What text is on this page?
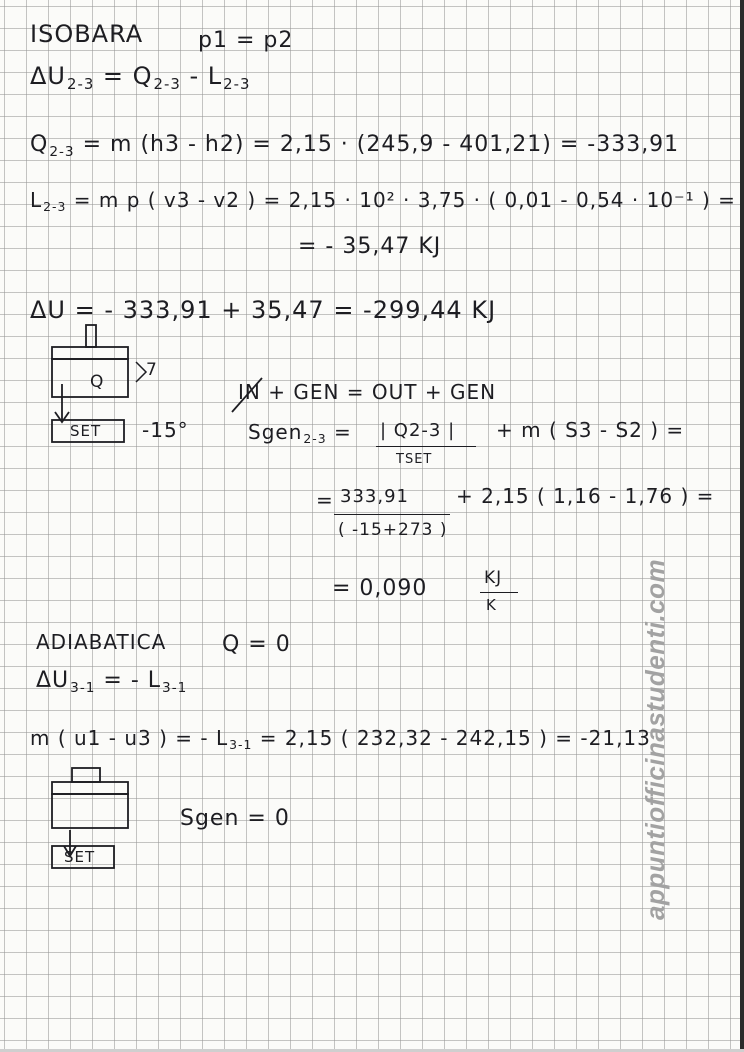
ISOBARA p1 = p2
$\Delta U_{2-3} = Q_{2-3} - L_{2-3}$
$Q_{2-3} = m$ (h3 - h2) = 2,15 · (245,9 - 401,21) = -333,91
$L_{2-3} = m$ p ( v3 - v2 ) = 2,15 · 10² · 3,75 · ( 0,01 - 0,54 · 10⁻¹ ) =
= - 35,47 KJ
ΔU = - 333,91 + 35,47 = -299,44 KJ
Q
7
SET -15°
IN + GEN = OUT + GEN
Sgen$_{2-3}$ = | Q2-3 |
TSET
+ m ( S3 - S2 ) =
= 333,91
( -15+273 )
+ 2,15 ( 1,16 - 1,76 ) =
= 0,090	KJ
K
ADIABATICA	Q = 0
$\Delta U_{3-1}$ = - $L_{3-1}$
m ( u1 - u3 ) = - $L_{3-1} = 2,15$ ( 232,32 - 242,15 ) = -21,13
SET
Sgen = 0	appuntiofficinastudenti.com
